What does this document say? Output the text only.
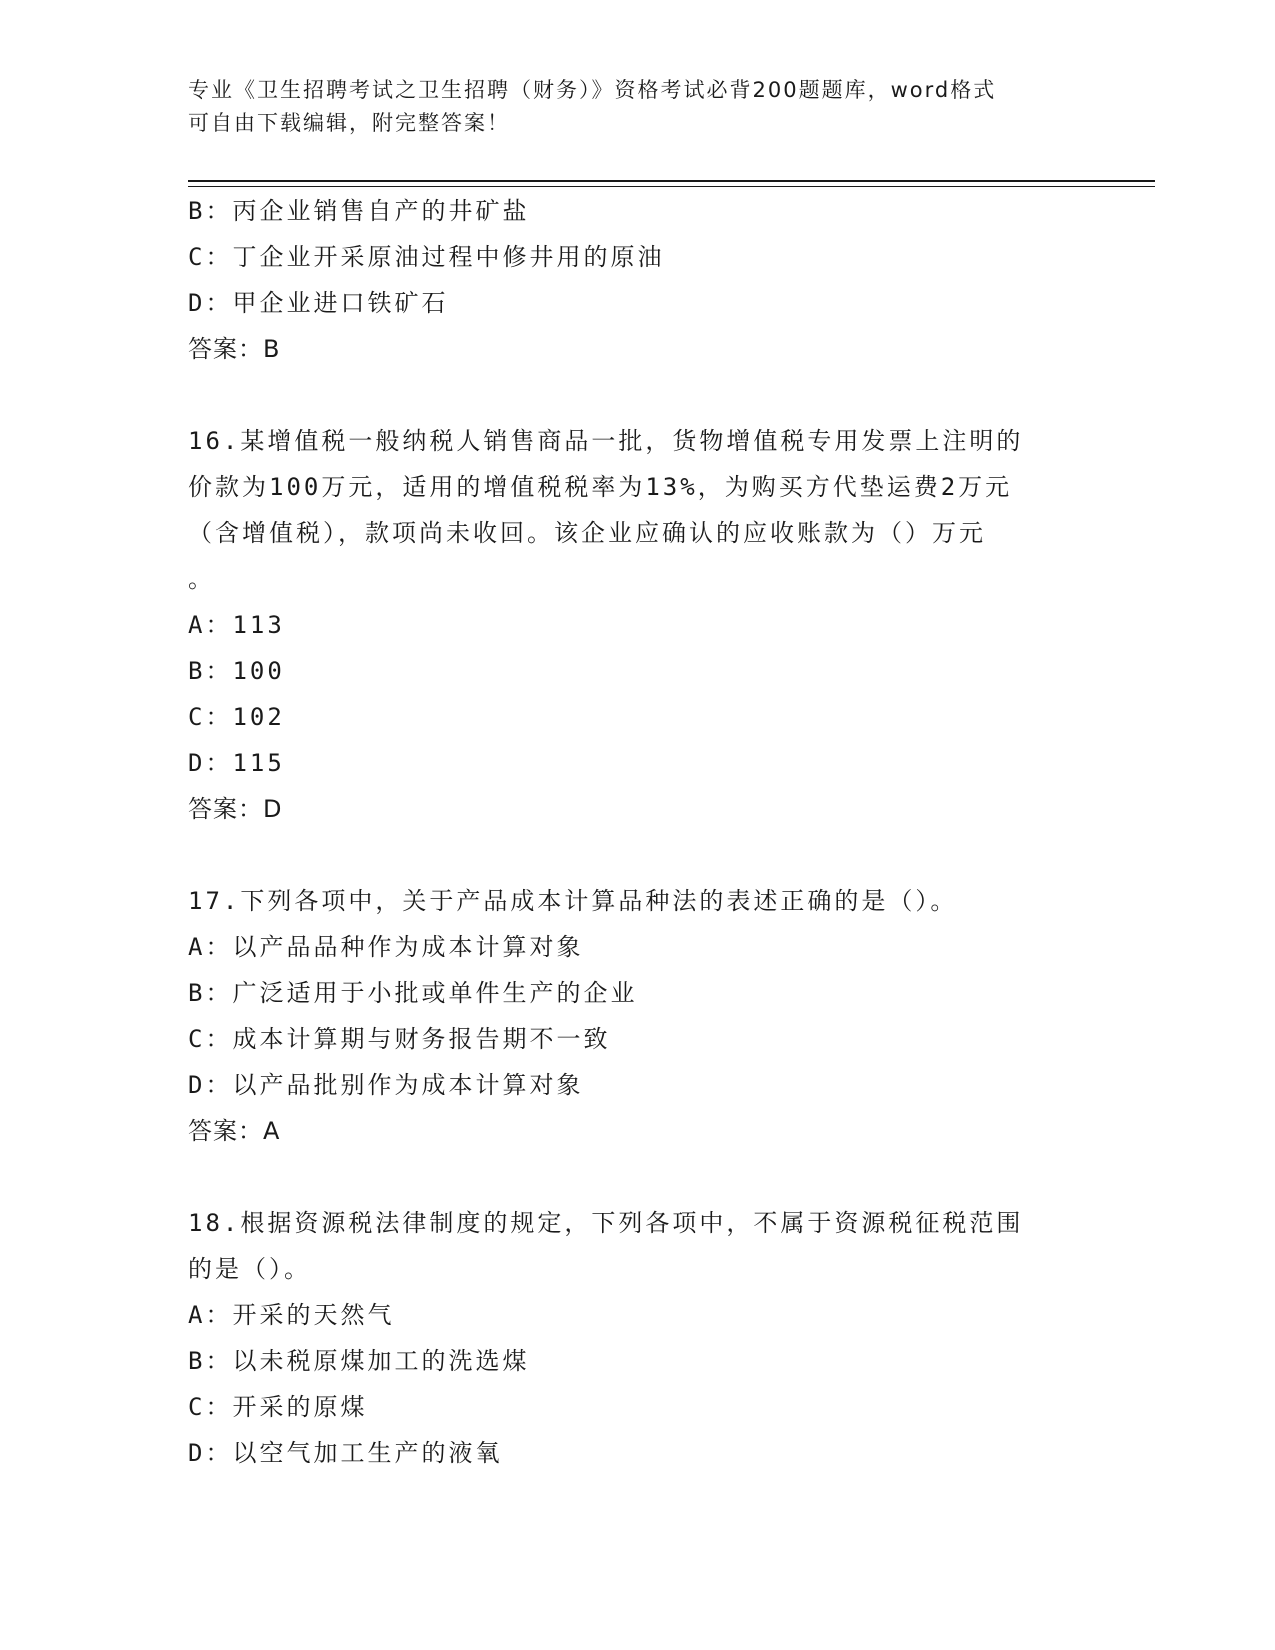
专业《卫生招聘考试之卫生招聘（财务）》资格考试必背200题题库，word格式
可自由下载编辑，附完整答案！
B：丙企业销售自产的井矿盐
C：丁企业开采原油过程中修井用的原油
D：甲企业进口铁矿石
答案：B
16.某增值税一般纳税人销售商品一批，货物增值税专用发票上注明的
价款为100万元，适用的增值税税率为13%，为购买方代垫运费2万元
（含增值税），款项尚未收回。该企业应确认的应收账款为（）万元
。
A：113
B：100
C：102
D：115
答案：D
17.下列各项中，关于产品成本计算品种法的表述正确的是（）。
A：以产品品种作为成本计算对象
B：广泛适用于小批或单件生产的企业
C：成本计算期与财务报告期不一致
D：以产品批别作为成本计算对象
答案：A
18.根据资源税法律制度的规定，下列各项中，不属于资源税征税范围
的是（）。
A：开采的天然气
B：以未税原煤加工的洗选煤
C：开采的原煤
D：以空气加工生产的液氧
